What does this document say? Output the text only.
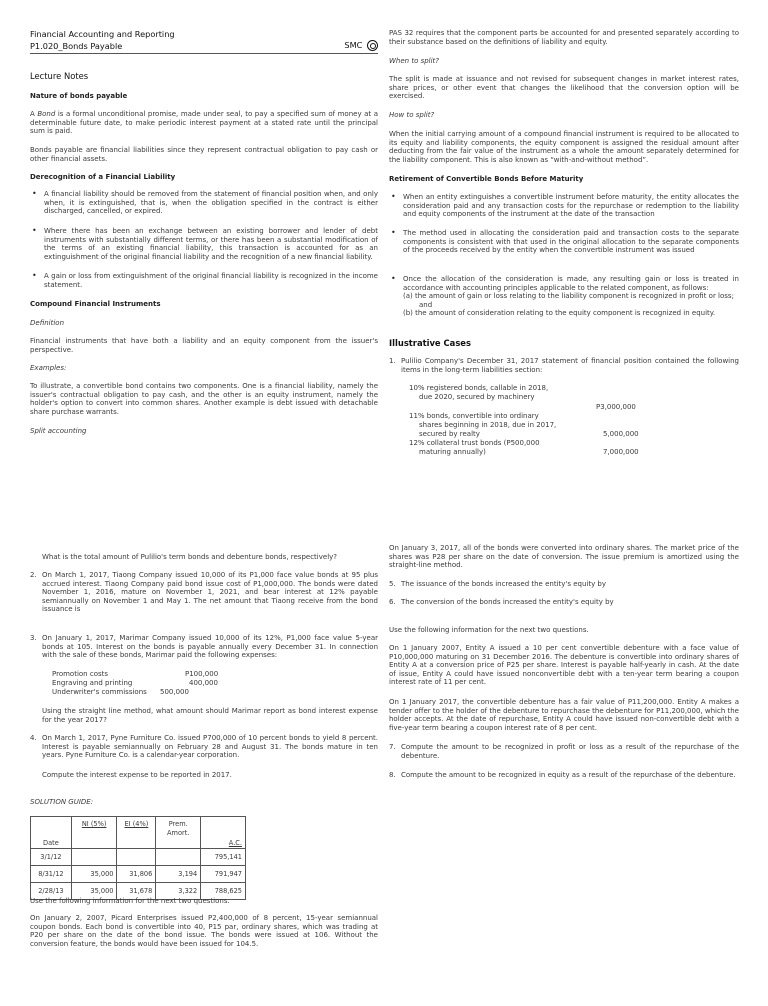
Financial Accounting and Reporting
P1.020_Bonds Payable	SMC
Lecture Notes
Nature of bonds payable

A Bond is a formal unconditional promise, made under seal, to pay a specified sum of money at a determinable future date, to make periodic interest payment at a stated rate until the principal sum is paid.

Bonds payable are financial liabilities since they represent contractual obligation to pay cash or other financial assets.

Derecognition of a Financial Liability
• A financial liability should be removed from the statement of financial position when, and only when, it is extinguished, that is, when the obligation specified in the contract is either discharged, cancelled, or expired.
• Where there has been an exchange between an existing borrower and lender of debt instruments with substantially different terms, or there has been a substantial modification of the terms of an existing financial liability, this transaction is accounted for as an extinguishment of the original financial liability and the recognition of a new financial liability.
• A gain or loss from extinguishment of the original financial liability is recognized in the income statement.
Compound Financial Instruments
Definition

Financial instruments that have both a liability and an equity component from the issuer's perspective.

Examples:

To illustrate, a convertible bond contains two components. One is a financial liability, namely the issuer's contractual obligation to pay cash, and the other is an equity instrument, namely the holder's option to convert into common shares. Another example is debt issued with detachable share purchase warrants.

Split accounting

What is the total amount of Pulilio's term bonds and debenture bonds, respectively?

2. On March 1, 2017, Tiaong Company issued 10,000 of its P1,000 face value bonds at 95 plus accrued interest. Tiaong Company paid bond issue cost of P1,000,000. The bonds were dated November 1, 2016, mature on November 1, 2021, and bear interest at 12% payable semiannually on November 1 and May 1. The net amount that Tiaong receive from the bond issuance is

3. On January 1, 2017, Marimar Company issued 10,000 of its 12%, P1,000 face value 5-year bonds at 105. Interest on the bonds is payable annually every December 31. In connection with the sale of these bonds, Marimar paid the following expenses:

Promotion costs	P100,000
Engraving and printing	400,000
Underwriter's commissions 500,000

Using the straight line method, what amount should Marimar report as bond interest expense for the year 2017?

4. On March 1, 2017, Pyne Furniture Co. issued P700,000 of 10 percent bonds to yield 8 percent. Interest is payable semiannually on February 28 and August 31. The bonds mature in ten years. Pyne Furniture Co. is a calendar-year corporation.

Compute the interest expense to be reported in 2017.

SOLUTION GUIDE:
Date	NI (5%)	EI (4%)	Prem. Amort.	A.C.
3/1/12				795,141
8/31/12	35,000	31,806	3,194	791,947
2/28/13	35,000	31,678	3,322	788,625
Use the following information for the next two questions.

On January 2, 2007, Picard Enterprises issued P2,400,000 of 8 percent, 15-year semiannual coupon bonds. Each bond is convertible into 40, P15 par, ordinary shares, which was trading at P20 per share on the date of the bond issue. The bonds were issued at 106. Without the conversion feature, the bonds would have been issued for 104.5.

PAS 32 requires that the component parts be accounted for and presented separately according to their substance based on the definitions of liability and equity.

When to split?

The split is made at issuance and not revised for subsequent changes in market interest rates, share prices, or other event that changes the likelihood that the conversion option will be exercised.

How to split?

When the initial carrying amount of a compound financial instrument is required to be allocated to its equity and liability components, the equity component is assigned the residual amount after deducting from the fair value of the instrument as a whole the amount separately determined for the liability component. This is also known as “with-and-without method”.

Retirement of Convertible Bonds Before Maturity
• When an entity extinguishes a convertible instrument before maturity, the entity allocates the consideration paid and any transaction costs for the repurchase or redemption to the liability and equity components of the instrument at the date of the transaction
• The method used in allocating the consideration paid and transaction costs to the separate components is consistent with that used in the original allocation to the separate components of the proceeds received by the entity when the convertible instrument was issued
• Once the allocation of the consideration is made, any resulting gain or loss is treated in accordance with accounting principles applicable to the related component, as follows:
(a) the amount of gain or loss relating to the liability component is recognized in profit or loss;
and
(b) the amount of consideration relating to the equity component is recognized in equity.
Illustrative Cases
1. Pulilio Company's December 31, 2017 statement of financial position contained the following items in the long-term liabilities section:

10% registered bonds, callable in 2018,
due 2020, secured by machinery
P3,000,000
11% bonds, convertible into ordinary
shares beginning in 2018, due in 2017,
secured by realty	5,000,000
12% collateral trust bonds (P500,000
maturing annually)	7,000,000

On January 3, 2017, all of the bonds were converted into ordinary shares. The market price of the shares was P28 per share on the date of conversion. The issue premium is amortized using the straight-line method.

5. The issuance of the bonds increased the entity's equity by

6. The conversion of the bonds increased the entity's equity by

Use the following information for the next two questions.

On 1 January 2007, Entity A issued a 10 per cent convertible debenture with a face value of P10,000,000 maturing on 31 December 2016. The debenture is convertible into ordinary shares of Entity A at a conversion price of P25 per share. Interest is payable half-yearly in cash. At the date of issue, Entity A could have issued nonconvertible debt with a ten-year term bearing a coupon interest rate of 11 per cent.

On 1 January 2017, the convertible debenture has a fair value of P11,200,000. Entity A makes a tender offer to the holder of the debenture to repurchase the debenture for P11,200,000, which the holder accepts. At the date of repurchase, Entity A could have issued non-convertible debt with a five-year term bearing a coupon interest rate of 8 per cent.

7. Compute the amount to be recognized in profit or loss as a result of the repurchase of the debenture.

8. Compute the amount to be recognized in equity as a result of the repurchase of the debenture.
